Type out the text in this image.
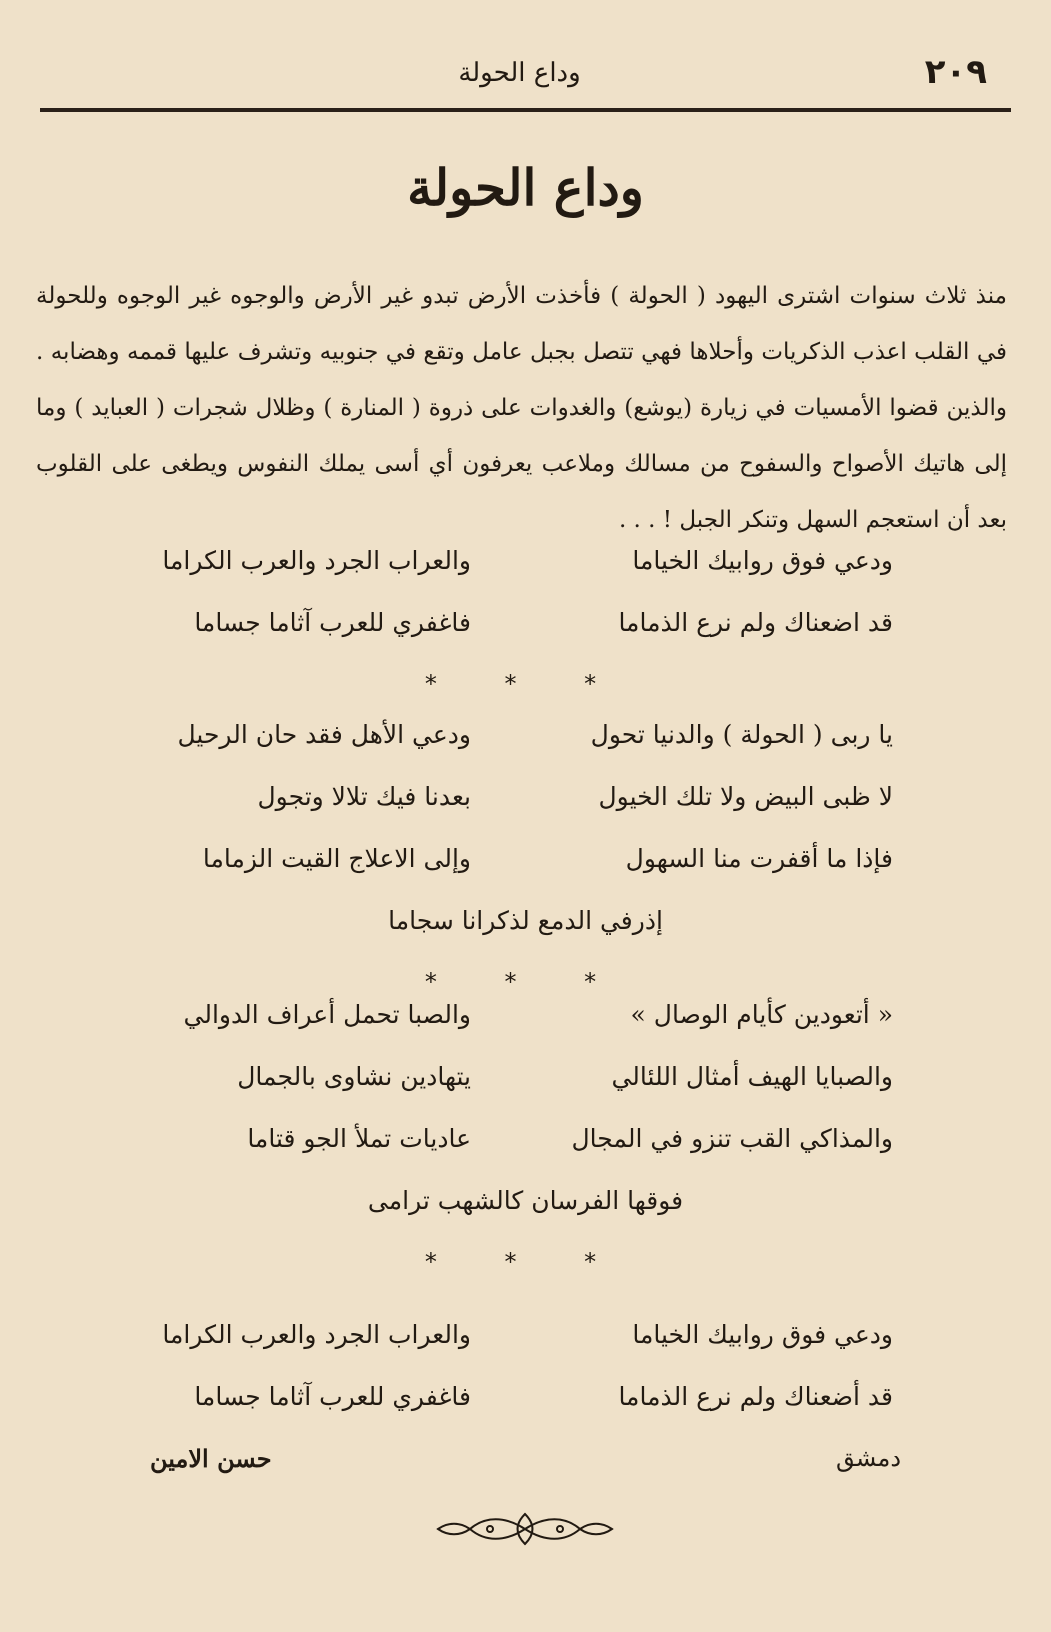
٢٠٩
وداع الحولة
وداع الحولة
منذ ثلاث سنوات اشترى اليهود ( الحولة ) فأخذت الأرض تبدو غير الأرض والوجوه غير الوجوه وللحولة في القلب اعذب الذكريات وأحلاها فهي تتصل بجبل عامل وتقع في جنوبيه وتشرف عليها قممه وهضابه . والذين قضوا الأمسيات في زيارة (يوشع) والغدوات على ذروة ( المنارة ) وظلال شجرات ( العبايد ) وما إلى هاتيك الأصواح والسفوح من مسالك وملاعب يعرفون أي أسى يملك النفوس ويطغى على القلوب بعد أن استعجم السهل وتنكر الجبل ! . . .
ودعي فوق روابيك الخياما
والعراب الجرد والعرب الكراما
قد اضعناك ولم نرع الذماما
فاغفري للعرب آثاما جساما
* * *
يا ربى ( الحولة ) والدنيا تحول
ودعي الأهل فقد حان الرحيل
لا ظبى البيض ولا تلك الخيول
بعدنا فيك تلالا وتجول
فإذا ما أقفرت منا السهول
وإلى الاعلاج القيت الزماما
إذرفي الدمع لذكرانا سجاما
* * *
« أتعودين كأيام الوصال »
والصبا تحمل أعراف الدوالي
والصبايا الهيف أمثال اللئالي
يتهادين نشاوى بالجمال
والمذاكي القب تنزو في المجال
عاديات تملأ الجو قتاما
فوقها الفرسان كالشهب ترامى
* * *
ودعي فوق روابيك الخياما
والعراب الجرد والعرب الكراما
قد أضعناك ولم نرع الذماما
فاغفري للعرب آثاما جساما
دمشق
حسن الامين
